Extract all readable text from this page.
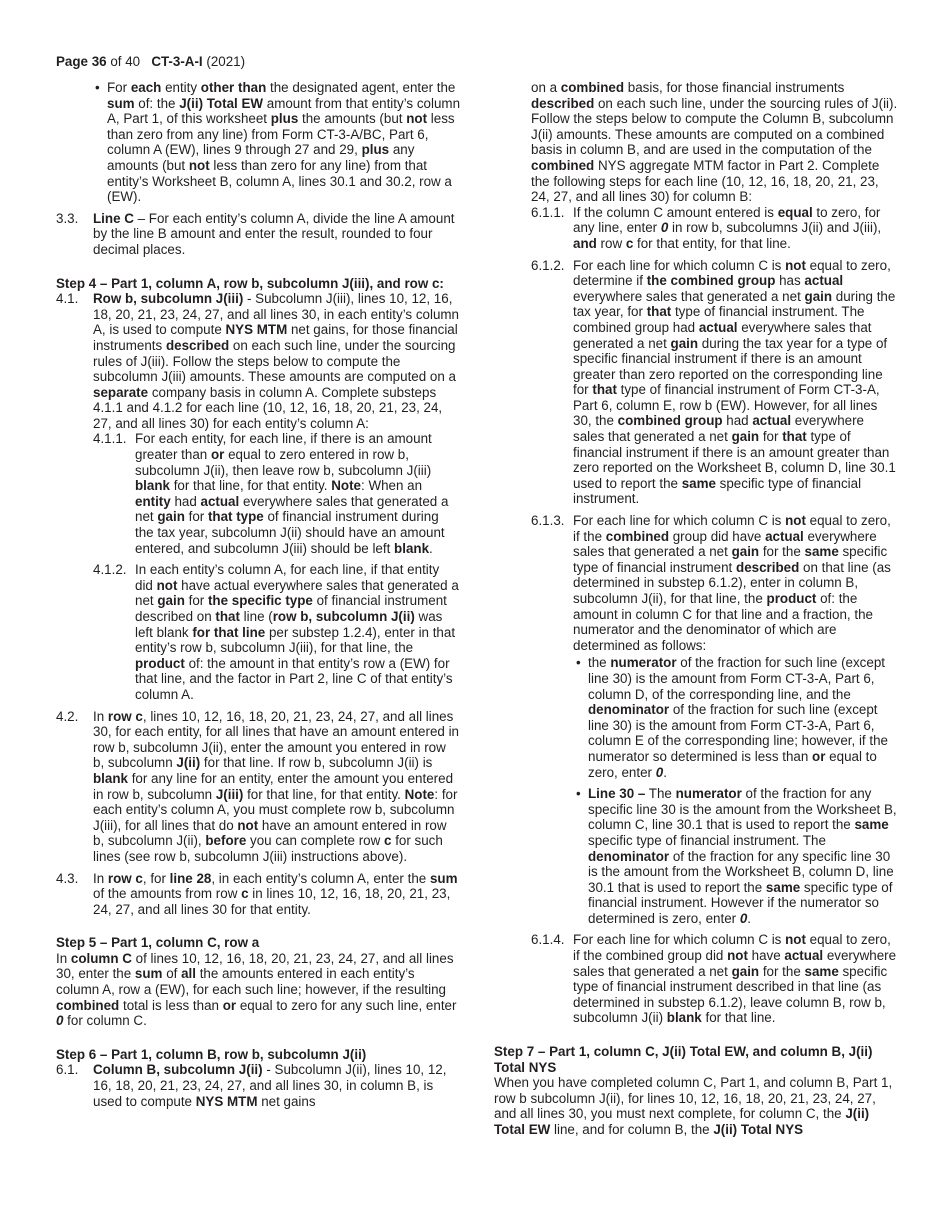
Page 36 of 40 CT-3-A-I (2021)

• For each entity other than the designated agent, enter the sum of: the J(ii) Total EW amount from that entity’s column A, Part 1, of this worksheet plus the amounts (but not less than zero from any line) from Form CT-3-A/BC, Part 6, column A (EW), lines 9 through 27 and 29, plus any amounts (but not less than zero for any line) from that entity’s Worksheet B, column A, lines 30.1 and 30.2, row a (EW).

3.3. Line C – For each entity’s column A, divide the line A amount by the line B amount and enter the result, rounded to four decimal places.

Step 4 – Part 1, column A, row b, subcolumn J(iii), and row c:

4.1. Row b, subcolumn J(iii) - Subcolumn J(iii), lines 10, 12, 16, 18, 20, 21, 23, 24, 27, and all lines 30, in each entity’s column A, is used to compute NYS MTM net gains, for those financial instruments described on each such line, under the sourcing rules of J(iii). Follow the steps below to compute the subcolumn J(iii) amounts. These amounts are computed on a separate company basis in column A. Complete substeps 4.1.1 and 4.1.2 for each line (10, 12, 16, 18, 20, 21, 23, 24, 27, and all lines 30) for each entity’s column A:

4.1.1. For each entity, for each line, if there is an amount greater than or equal to zero entered in row b, subcolumn J(ii), then leave row b, subcolumn J(iii) blank for that line, for that entity. Note: When an entity had actual everywhere sales that generated a net gain for that type of financial instrument during the tax year, subcolumn J(ii) should have an amount entered, and subcolumn J(iii) should be left blank.

4.1.2. In each entity’s column A, for each line, if that entity did not have actual everywhere sales that generated a net gain for the specific type of financial instrument described on that line (row b, subcolumn J(ii) was left blank for that line per substep 1.2.4), enter in that entity’s row b, subcolumn J(iii), for that line, the product of: the amount in that entity’s row a (EW) for that line, and the factor in Part 2, line C of that entity’s column A.

4.2. In row c, lines 10, 12, 16, 18, 20, 21, 23, 24, 27, and all lines 30, for each entity, for all lines that have an amount entered in row b, subcolumn J(ii), enter the amount you entered in row b, subcolumn J(ii) for that line. If row b, subcolumn J(ii) is blank for any line for an entity, enter the amount you entered in row b, subcolumn J(iii) for that line, for that entity. Note: for each entity’s column A, you must complete row b, subcolumn J(iii), for all lines that do not have an amount entered in row b, subcolumn J(ii), before you can complete row c for such lines (see row b, subcolumn J(iii) instructions above).

4.3. In row c, for line 28, in each entity’s column A, enter the sum of the amounts from row c in lines 10, 12, 16, 18, 20, 21, 23, 24, 27, and all lines 30 for that entity.

Step 5 – Part 1, column C, row a

In column C of lines 10, 12, 16, 18, 20, 21, 23, 24, 27, and all lines 30, enter the sum of all the amounts entered in each entity’s column A, row a (EW), for each such line; however, if the resulting combined total is less than or equal to zero for any such line, enter 0 for column C.

Step 6 – Part 1, column B, row b, subcolumn J(ii)

6.1. Column B, subcolumn J(ii) - Subcolumn J(ii), lines 10, 12, 16, 18, 20, 21, 23, 24, 27, and all lines 30, in column B, is used to compute NYS MTM net gains

on a combined basis, for those financial instruments described on each such line, under the sourcing rules of J(ii). Follow the steps below to compute the Column B, subcolumn J(ii) amounts. These amounts are computed on a combined basis in column B, and are used in the computation of the combined NYS aggregate MTM factor in Part 2. Complete the following steps for each line (10, 12, 16, 18, 20, 21, 23, 24, 27, and all lines 30) for column B:

6.1.1. If the column C amount entered is equal to zero, for any line, enter 0 in row b, subcolumns J(ii) and J(iii), and row c for that entity, for that line.

6.1.2. For each line for which column C is not equal to zero, determine if the combined group has actual everywhere sales that generated a net gain during the tax year, for that type of financial instrument. The combined group had actual everywhere sales that generated a net gain during the tax year for a type of specific financial instrument if there is an amount greater than zero reported on the corresponding line for that type of financial instrument of Form CT-3-A, Part 6, column E, row b (EW). However, for all lines 30, the combined group had actual everywhere sales that generated a net gain for that type of financial instrument if there is an amount greater than zero reported on the Worksheet B, column D, line 30.1 used to report the same specific type of financial instrument.

6.1.3. For each line for which column C is not equal to zero, if the combined group did have actual everywhere sales that generated a net gain for the same specific type of financial instrument described on that line (as determined in substep 6.1.2), enter in column B, subcolumn J(ii), for that line, the product of: the amount in column C for that line and a fraction, the numerator and the denominator of which are determined as follows:

• the numerator of the fraction for such line (except line 30) is the amount from Form CT-3-A, Part 6, column D, of the corresponding line, and the denominator of the fraction for such line (except line 30) is the amount from Form CT-3-A, Part 6, column E of the corresponding line; however, if the numerator so determined is less than or equal to zero, enter 0.

• Line 30 – The numerator of the fraction for any specific line 30 is the amount from the Worksheet B, column C, line 30.1 that is used to report the same specific type of financial instrument. The denominator of the fraction for any specific line 30 is the amount from the Worksheet B, column D, line 30.1 that is used to report the same specific type of financial instrument. However if the numerator so determined is zero, enter 0.

6.1.4. For each line for which column C is not equal to zero, if the combined group did not have actual everywhere sales that generated a net gain for the same specific type of financial instrument described in that line (as determined in substep 6.1.2), leave column B, row b, subcolumn J(ii) blank for that line.

Step 7 – Part 1, column C, J(ii) Total EW, and column B, J(ii) Total NYS

When you have completed column C, Part 1, and column B, Part 1, row b subcolumn J(ii), for lines 10, 12, 16, 18, 20, 21, 23, 24, 27, and all lines 30, you must next complete, for column C, the J(ii) Total EW line, and for column B, the J(ii) Total NYS
